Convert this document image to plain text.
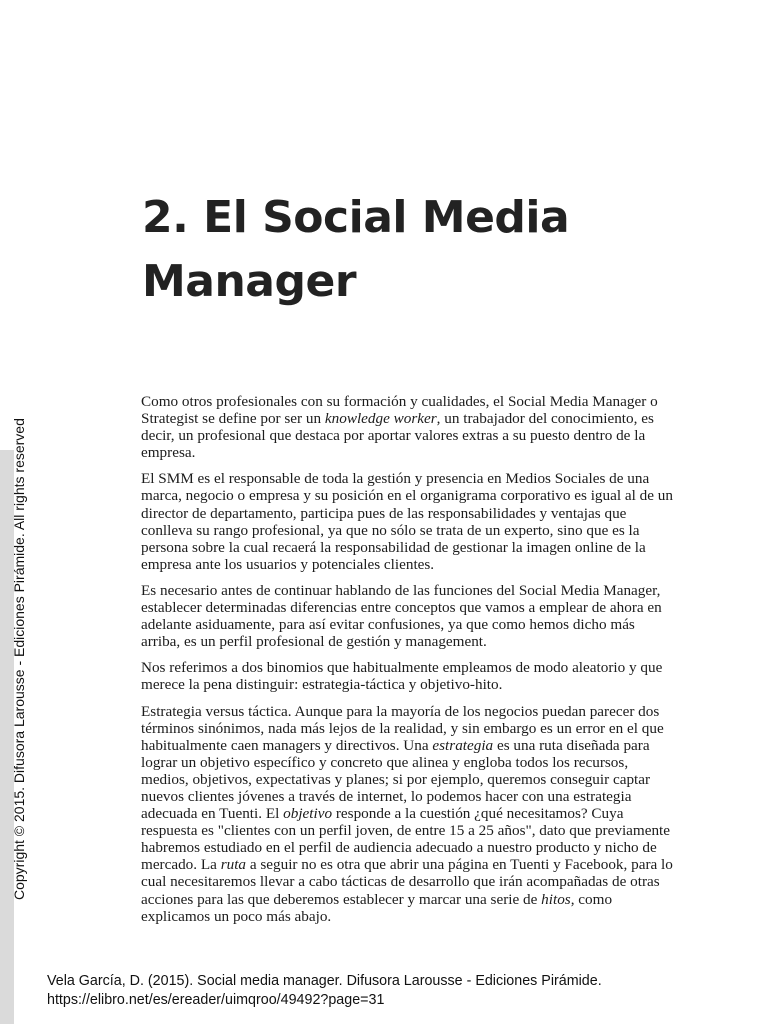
Copyright © 2015. Difusora Larousse - Ediciones Pirámide. All rights reserved
2. El Social Media Manager

Como otros profesionales con su formación y cualidades, el Social Media Manager o Strategist se define por ser un knowledge worker, un trabajador del conocimiento, es decir, un profesional que destaca por aportar valores extras a su puesto dentro de la empresa.

El SMM es el responsable de toda la gestión y presencia en Medios Sociales de una marca, negocio o empresa y su posición en el organigrama corporativo es igual al de un director de departamento, participa pues de las responsabilidades y ventajas que conlleva su rango profesional, ya que no sólo se trata de un experto, sino que es la persona sobre la cual recaerá la responsabilidad de gestionar la imagen online de la empresa ante los usuarios y potenciales clientes.

Es necesario antes de continuar hablando de las funciones del Social Media Manager, establecer determinadas diferencias entre conceptos que vamos a emplear de ahora en adelante asiduamente, para así evitar confusiones, ya que como hemos dicho más arriba, es un perfil profesional de gestión y management.

Nos referimos a dos binomios que habitualmente empleamos de modo aleatorio y que merece la pena distinguir: estrategia-táctica y objetivo-hito.

Estrategia versus táctica. Aunque para la mayoría de los negocios puedan parecer dos términos sinónimos, nada más lejos de la realidad, y sin embargo es un error en el que habitualmente caen managers y directivos. Una estrategia es una ruta diseñada para lograr un objetivo específico y concreto que alinea y engloba todos los recursos, medios, objetivos, expectativas y planes; si por ejemplo, queremos conseguir captar nuevos clientes jóvenes a través de internet, lo podemos hacer con una estrategia adecuada en Tuenti. El objetivo responde a la cuestión ¿qué necesitamos? Cuya respuesta es "clientes con un perfil joven, de entre 15 a 25 años", dato que previamente habremos estudiado en el perfil de audiencia adecuado a nuestro producto y nicho de mercado. La ruta a seguir no es otra que abrir una página en Tuenti y Facebook, para lo cual necesitaremos llevar a cabo tácticas de desarrollo que irán acompañadas de otras acciones para las que deberemos establecer y marcar una serie de hitos, como explicamos un poco más abajo.

Vela García, D. (2015). Social media manager. Difusora Larousse - Ediciones Pirámide. https://elibro.net/es/ereader/uimqroo/49492?page=31
